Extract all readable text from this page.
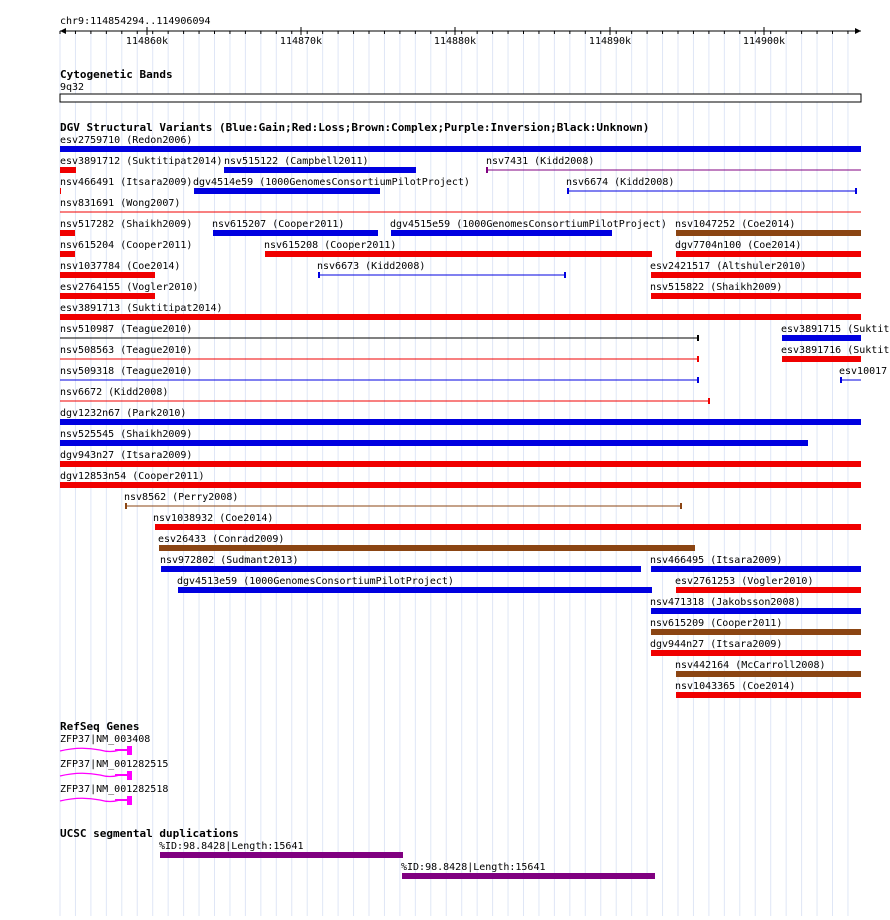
chr9:114854294..114906094
114860k	114870k	114880k	114890k	114900k
Cytogenetic Bands
9q32
DGV Structural Variants (Blue:Gain;Red:Loss;Brown:Complex;Purple:Inversion;Black:Unknown)
esv2759710 (Redon2006)
esv3891712 (Suktitipat2014) nsv515122 (Campbell2011)	nsv7431 (Kidd2008)
nsv466491 (Itsara2009) dgv4514e59 (1000GenomesConsortiumPilotProject)	nsv6674 (Kidd2008)
nsv831691 (Wong2007)
nsv517282 (Shaikh2009) nsv615207 (Cooper2011)	dgv4515e59 (1000GenomesConsortiumPilotProject) nsv1047252 (Coe2014)
nsv615204 (Cooper2011)	nsv615208 (Cooper2011)	dgv7704n100 (Coe2014)
nsv1037784 (Coe2014)	nsv6673 (Kidd2008)	esv2421517 (Altshuler2010)
esv2764155 (Vogler2010)	nsv515822 (Shaikh2009)
esv3891713 (Suktitipat2014)
nsv510987 (Teague2010)	esv3891715 (Suktit
nsv508563 (Teague2010)	esv3891716 (Suktit
nsv509318 (Teague2010)	esv10017
nsv6672 (Kidd2008)
dgv1232n67 (Park2010)
nsv525545 (Shaikh2009)
dgv943n27 (Itsara2009)
dgv12853n54 (Cooper2011)
nsv8562 (Perry2008)
nsv1038932 (Coe2014)
esv26433 (Conrad2009)
nsv972802 (Sudmant2013)	nsv466495 (Itsara2009)
dgv4513e59 (1000GenomesConsortiumPilotProject)	esv2761253 (Vogler2010)
nsv471318 (Jakobsson2008)
nsv615209 (Cooper2011)
dgv944n27 (Itsara2009)
nsv442164 (McCarroll2008)
nsv1043365 (Coe2014)
RefSeq Genes
ZFP37|NM_003408
ZFP37|NM_001282515
ZFP37|NM_001282518
UCSC segmental duplications
%ID:98.8428|Length:15641
%ID:98.8428|Length:15641
